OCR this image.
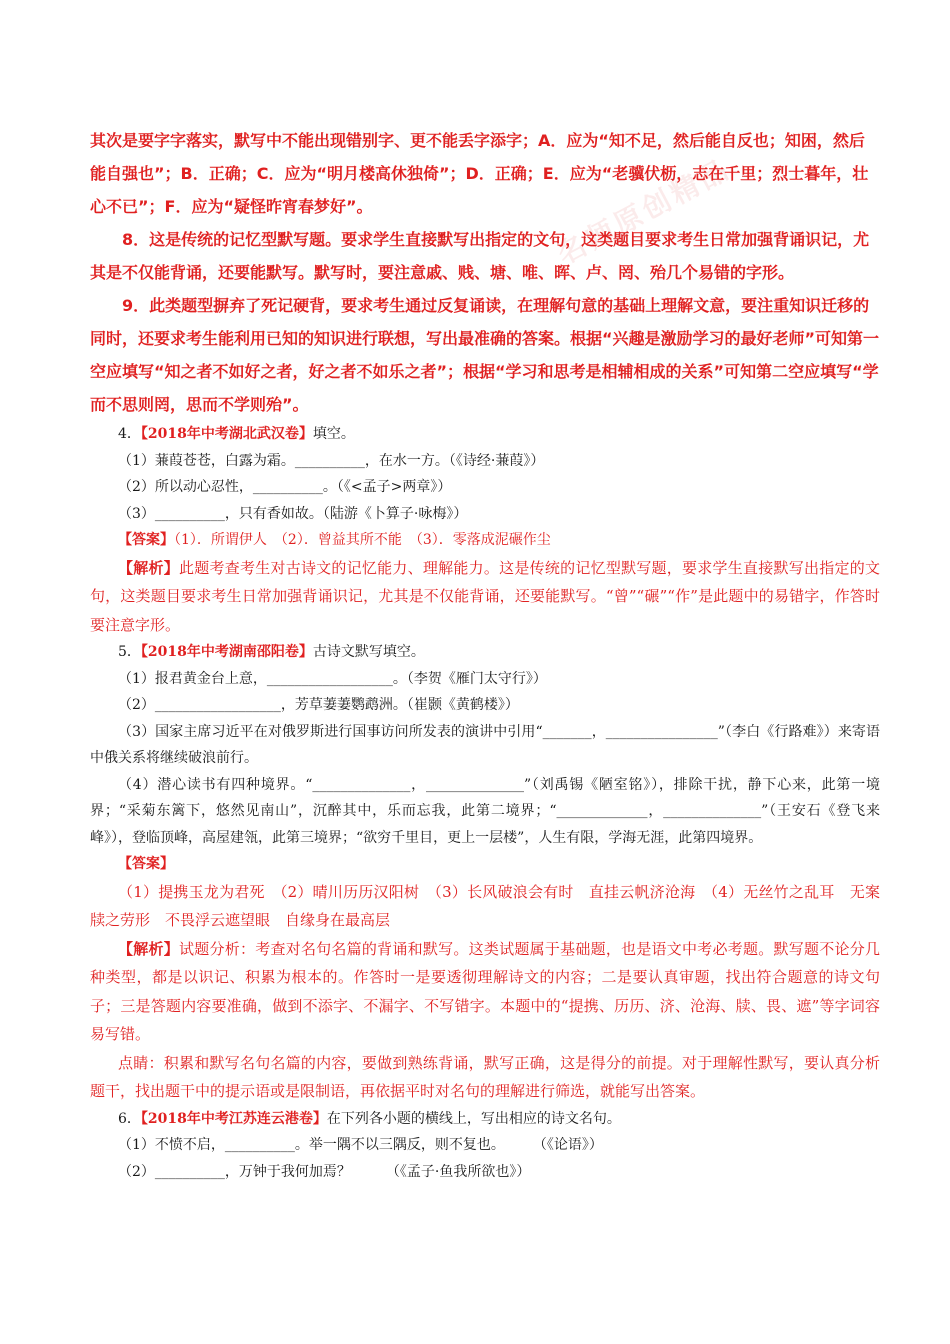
名师原创精品

其次是要字字落实，默写中不能出现错别字、更不能丢字添字；A．应为“知不足，然后能自反也；知困，然后能自强也”；B．正确；C．应为“明月楼高休独倚”；D．正确；E．应为“老骥伏枥，志在千里；烈士暮年，壮心不已”；F．应为“疑怪昨宵春梦好”。

8．这是传统的记忆型默写题。要求学生直接默写出指定的文句，这类题目要求考生日常加强背诵识记，尤其是不仅能背诵，还要能默写。默写时，要注意戚、贱、塘、唯、晖、卢、罔、殆几个易错的字形。

9．此类题型摒弃了死记硬背，要求考生通过反复诵读，在理解句意的基础上理解文意，要注重知识迁移的同时，还要求考生能利用已知的知识进行联想，写出最准确的答案。根据“兴趣是激励学习的最好老师”可知第一空应填写“知之者不如好之者，好之者不如乐之者”；根据“学习和思考是相辅相成的关系”可知第二空应填写“学而不思则罔，思而不学则殆”。

4．【2018年中考湖北武汉卷】填空。

（1）蒹葭苍苍，白露为霜。__________，在水一方。（《诗经·蒹葭》）

（2）所以动心忍性，__________。（《<孟子>两章》）

（3）__________，只有香如故。（陆游《卜算子·咏梅》）

【答案】（1）．所谓伊人　（2）．曾益其所不能　（3）．零落成泥碾作尘

【解析】此题考查考生对古诗文的记忆能力、理解能力。这是传统的记忆型默写题，要求学生直接默写出指定的文句，这类题目要求考生日常加强背诵识记，尤其是不仅能背诵，还要能默写。“曾”“碾”“作”是此题中的易错字，作答时要注意字形。

5．【2018年中考湖南邵阳卷】古诗文默写填空。

（1）报君黄金台上意，__________________。（李贺《雁门太守行》）

（2）__________________，芳草萋萋鹦鹉洲。（崔颢《黄鹤楼》）

（3）国家主席习近平在对俄罗斯进行国事访问所发表的演讲中引用“_______，________________”（李白《行路难》）来寄语中俄关系将继续破浪前行。

（4）潜心读书有四种境界。“______________，______________”（刘禹锡《陋室铭》），排除干扰，静下心来，此第一境界；“采菊东篱下，悠然见南山”，沉醉其中，乐而忘我，此第二境界；“_____________，______________”（王安石《登飞来峰》），登临顶峰，高屋建瓴，此第三境界；“欲穷千里目，更上一层楼”，人生有限，学海无涯，此第四境界。

【答案】

（1）提携玉龙为君死　（2）晴川历历汉阳树　（3）长风破浪会有时　直挂云帆济沧海　（4）无丝竹之乱耳　无案牍之劳形　不畏浮云遮望眼　自缘身在最高层

【解析】试题分析：考查对名句名篇的背诵和默写。这类试题属于基础题，也是语文中考必考题。默写题不论分几种类型，都是以识记、积累为根本的。作答时一是要透彻理解诗文的内容；二是要认真审题，找出符合题意的诗文句子；三是答题内容要准确，做到不添字、不漏字、不写错字。本题中的“提携、历历、济、沧海、牍、畏、遮”等字词容易写错。

点睛：积累和默写名句名篇的内容，要做到熟练背诵，默写正确，这是得分的前提。对于理解性默写，要认真分析题干，找出题干中的提示语或是限制语，再依据平时对名句的理解进行筛选，就能写出答案。

6．【2018年中考江苏连云港卷】在下列各小题的横线上，写出相应的诗文名句。

（1）不愤不启，__________。举一隅不以三隅反，则不复也。　　　（《论语》）

（2）__________，万钟于我何加焉？　　　（《孟子·鱼我所欲也》）
